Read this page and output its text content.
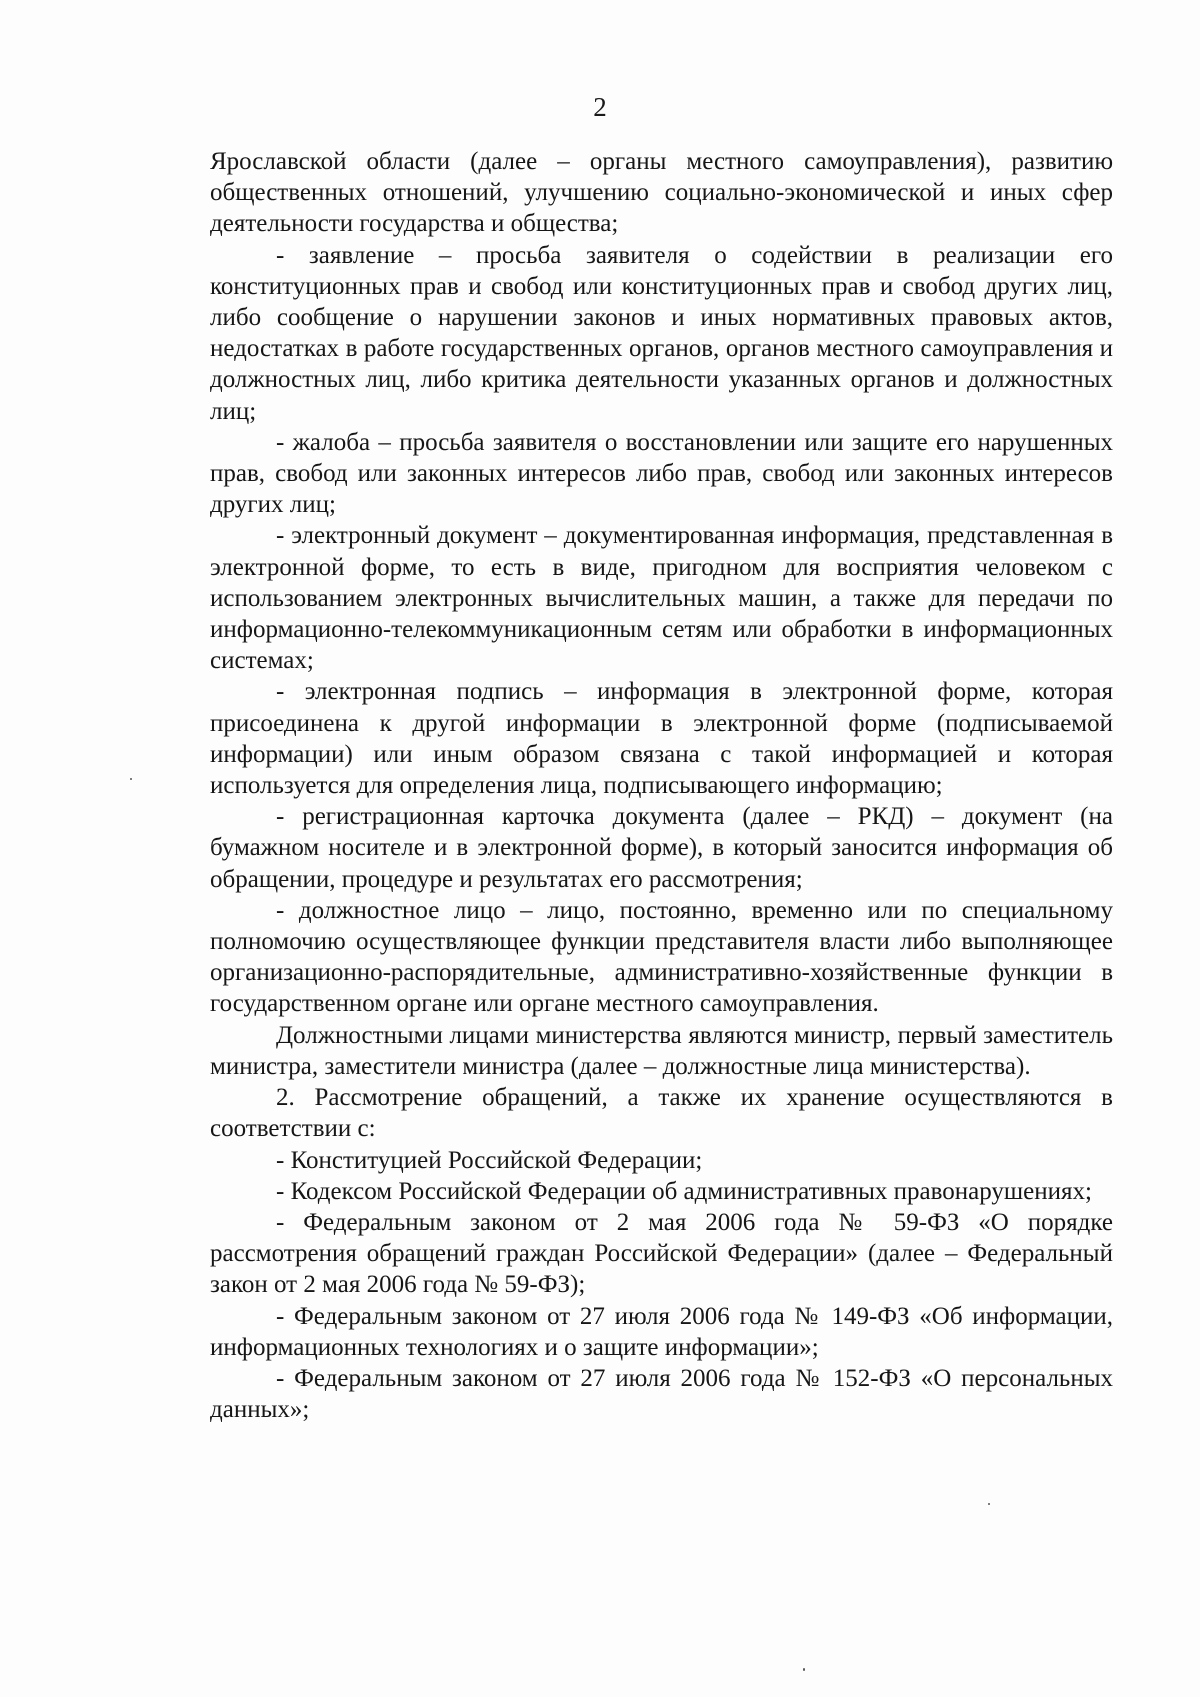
2

Ярославской области (далее – органы местного самоуправления), развитию общественных отношений, улучшению социально-экономической и иных сфер деятельности государства и общества;

- заявление – просьба заявителя о содействии в реализации его конституционных прав и свобод или конституционных прав и свобод других лиц, либо сообщение о нарушении законов и иных нормативных правовых актов, недостатках в работе государственных органов, органов местного самоуправления и должностных лиц, либо критика деятельности указанных органов и должностных лиц;

- жалоба – просьба заявителя о восстановлении или защите его нарушенных прав, свобод или законных интересов либо прав, свобод или законных интересов других лиц;

- электронный документ – документированная информация, представленная в электронной форме, то есть в виде, пригодном для восприятия человеком с использованием электронных вычислительных машин, а также для передачи по информационно-телекоммуникационным сетям или обработки в информационных системах;

- электронная подпись – информация в электронной форме, которая присоединена к другой информации в электронной форме (подписываемой информации) или иным образом связана с такой информацией и которая используется для определения лица, подписывающего информацию;

- регистрационная карточка документа (далее – РКД) – документ (на бумажном носителе и в электронной форме), в который заносится информация об обращении, процедуре и результатах его рассмотрения;

- должностное лицо – лицо, постоянно, временно или по специальному полномочию осуществляющее функции представителя власти либо выполняющее организационно-распорядительные, административно-хозяйственные функции в государственном органе или органе местного самоуправления.

Должностными лицами министерства являются министр, первый заместитель министра, заместители министра (далее – должностные лица министерства).

2. Рассмотрение обращений, а также их хранение осуществляются в соответствии с:

- Конституцией Российской Федерации;

- Кодексом Российской Федерации об административных правонарушениях;

- Федеральным законом от 2 мая 2006 года № 59-ФЗ «О порядке рассмотрения обращений граждан Российской Федерации» (далее – Федеральный закон от 2 мая 2006 года № 59-ФЗ);

- Федеральным законом от 27 июля 2006 года № 149-ФЗ «Об информации, информационных технологиях и о защите информации»;

- Федеральным законом от 27 июля 2006 года № 152-ФЗ «О персональных данных»;
